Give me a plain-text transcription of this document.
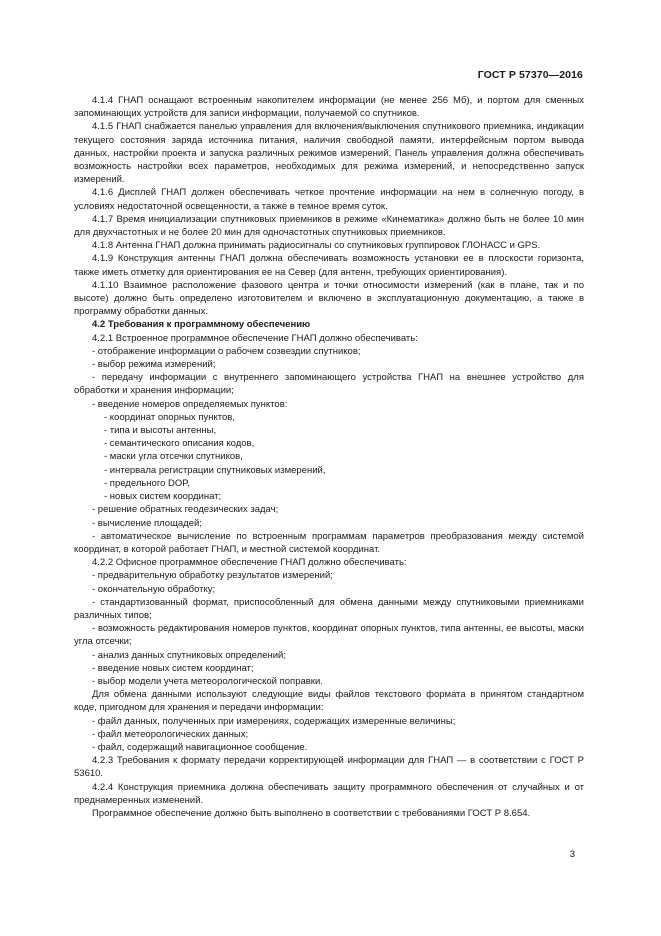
ГОСТ Р 57370—2016

4.1.4 ГНАП оснащают встроенным накопителем информации (не менее 256 Мб), и портом для сменных запоминающих устройств для записи информации, получаемой со спутников.

4.1.5 ГНАП снабжается панелью управления для включения/выключения спутникового приемника, индикации текущего состояния заряда источника питания, наличия свободной памяти, интерфейсным портом вывода данных, настройки проекта и запуска различных режимов измерений. Панель управления должна обеспечивать возможность настройки всех параметров, необходимых для режима измерений, и непосредственно запуск измерений.

4.1.6 Дисплей ГНАП должен обеспечивать четкое прочтение информации на нем в солнечную погоду, в условиях недостаточной освещенности, а также в темное время суток.

4.1.7 Время инициализации спутниковых приемников в режиме «Кинематика» должно быть не более 10 мин для двухчастотных и не более 20 мин для одночастотных спутниковых приемников.

4.1.8 Антенна ГНАП должна принимать радиосигналы со спутниковых группировок ГЛОНАСС и GPS.

4.1.9 Конструкция антенны ГНАП должна обеспечивать возможность установки ее в плоскости горизонта, также иметь отметку для ориентирования ее на Север (для антенн, требующих ориентирования).

4.1.10 Взаимное расположение фазового центра и точки относимости измерений (как в плане, так и по высоте) должно быть определено изготовителем и включено в эксплуатационную документацию, а также в программу обработки данных.

4.2 Требования к программному обеспечению

4.2.1 Встроенное программное обеспечение ГНАП должно обеспечивать:

- отображение информации о рабочем созвездии спутников;

- выбор режима измерений;

- передачу информации с внутреннего запоминающего устройства ГНАП на внешнее устройство для обработки и хранения информации;

- введение номеров определяемых пунктов:

- координат опорных пунктов,

- типа и высоты антенны,

- семантического описания кодов,

- маски угла отсечки спутников,

- интервала регистрации спутниковых измерений,

- предельного DOP,

- новых систем координат;

- решение обратных геодезических задач;

- вычисление площадей;

- автоматическое вычисление по встроенным программам параметров преобразования между системой координат, в которой работает ГНАП, и местной системой координат.

4.2.2 Офисное программное обеспечение ГНАП должно обеспечивать:

- предварительную обработку результатов измерений;

- окончательную обработку;

- стандартизованный формат, приспособленный для обмена данными между спутниковыми приемниками различных типов;

- возможность редактирования номеров пунктов, координат опорных пунктов, типа антенны, ее высоты, маски угла отсечки;

- анализ данных спутниковых определений;

- введение новых систем координат;

- выбор модели учета метеорологической поправки.

Для обмена данными используют следующие виды файлов текстового формата в принятом стандартном коде, пригодном для хранения и передачи информации:

- файл данных, полученных при измерениях, содержащих измеренные величины;

- файл метеорологических данных;

- файл, содержащий навигационное сообщение.

4.2.3 Требования к формату передачи корректирующей информации для ГНАП — в соответствии с ГОСТ Р 53610.

4.2.4 Конструкция приемника должна обеспечивать защиту программного обеспечения от случайных и от преднамеренных изменений.

Программное обеспечение должно быть выполнено в соответствии с требованиями ГОСТ Р 8.654.

3
